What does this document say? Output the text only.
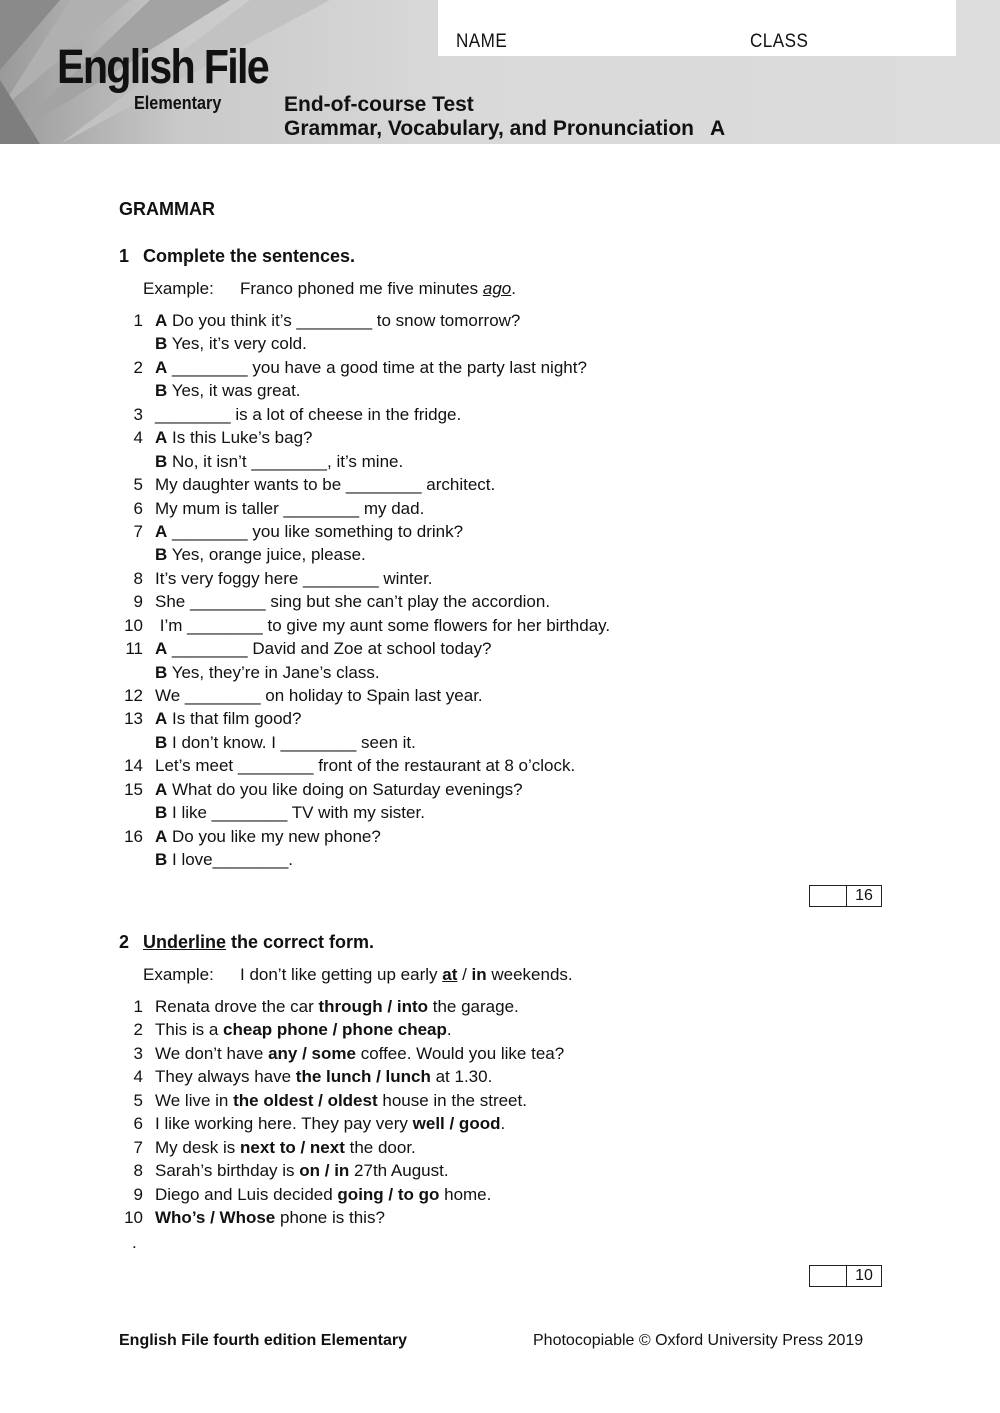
NAME	CLASS
English File
Elementary	End-of-course Test
Grammar, Vocabulary, and Pronunciation A
GRAMMAR
1 Complete the sentences.
Example: Franco phoned me five minutes ago.
1 A Do you think it’s ________ to snow tomorrow?
B Yes, it’s very cold.
2 A ________ you have a good time at the party last night?
B Yes, it was great.
3 ________ is a lot of cheese in the fridge.
4 A Is this Luke’s bag?
B No, it isn’t ________, it’s mine.
5 My daughter wants to be ________ architect.
6 My mum is taller ________ my dad.
7 A ________ you like something to drink?
B Yes, orange juice, please.
8 It’s very foggy here ________ winter.
9 She ________ sing but she can’t play the accordion.
10 I’m ________ to give my aunt some flowers for her birthday.
11 A ________ David and Zoe at school today?
B Yes, they’re in Jane’s class.
12 We ________ on holiday to Spain last year.
13 A Is that film good?
B I don’t know. I ________ seen it.
14 Let’s meet ________ front of the restaurant at 8 o’clock.
15 A What do you like doing on Saturday evenings?
B I like ________ TV with my sister.
16 A Do you like my new phone?
B I love________.
16
2 Underline the correct form.
Example: I don’t like getting up early at / in weekends.
1 Renata drove the car through / into the garage.
2 This is a cheap phone / phone cheap.
3 We don’t have any / some coffee. Would you like tea?
4 They always have the lunch / lunch at 1.30.
5 We live in the oldest / oldest house in the street.
6 I like working here. They pay very well / good.
7 My desk is next to / next the door.
8 Sarah’s birthday is on / in 27th August.
9 Diego and Luis decided going / to go home.
10 Who’s / Whose phone is this?
.
10
English File fourth edition Elementary	Photocopiable © Oxford University Press 2019
